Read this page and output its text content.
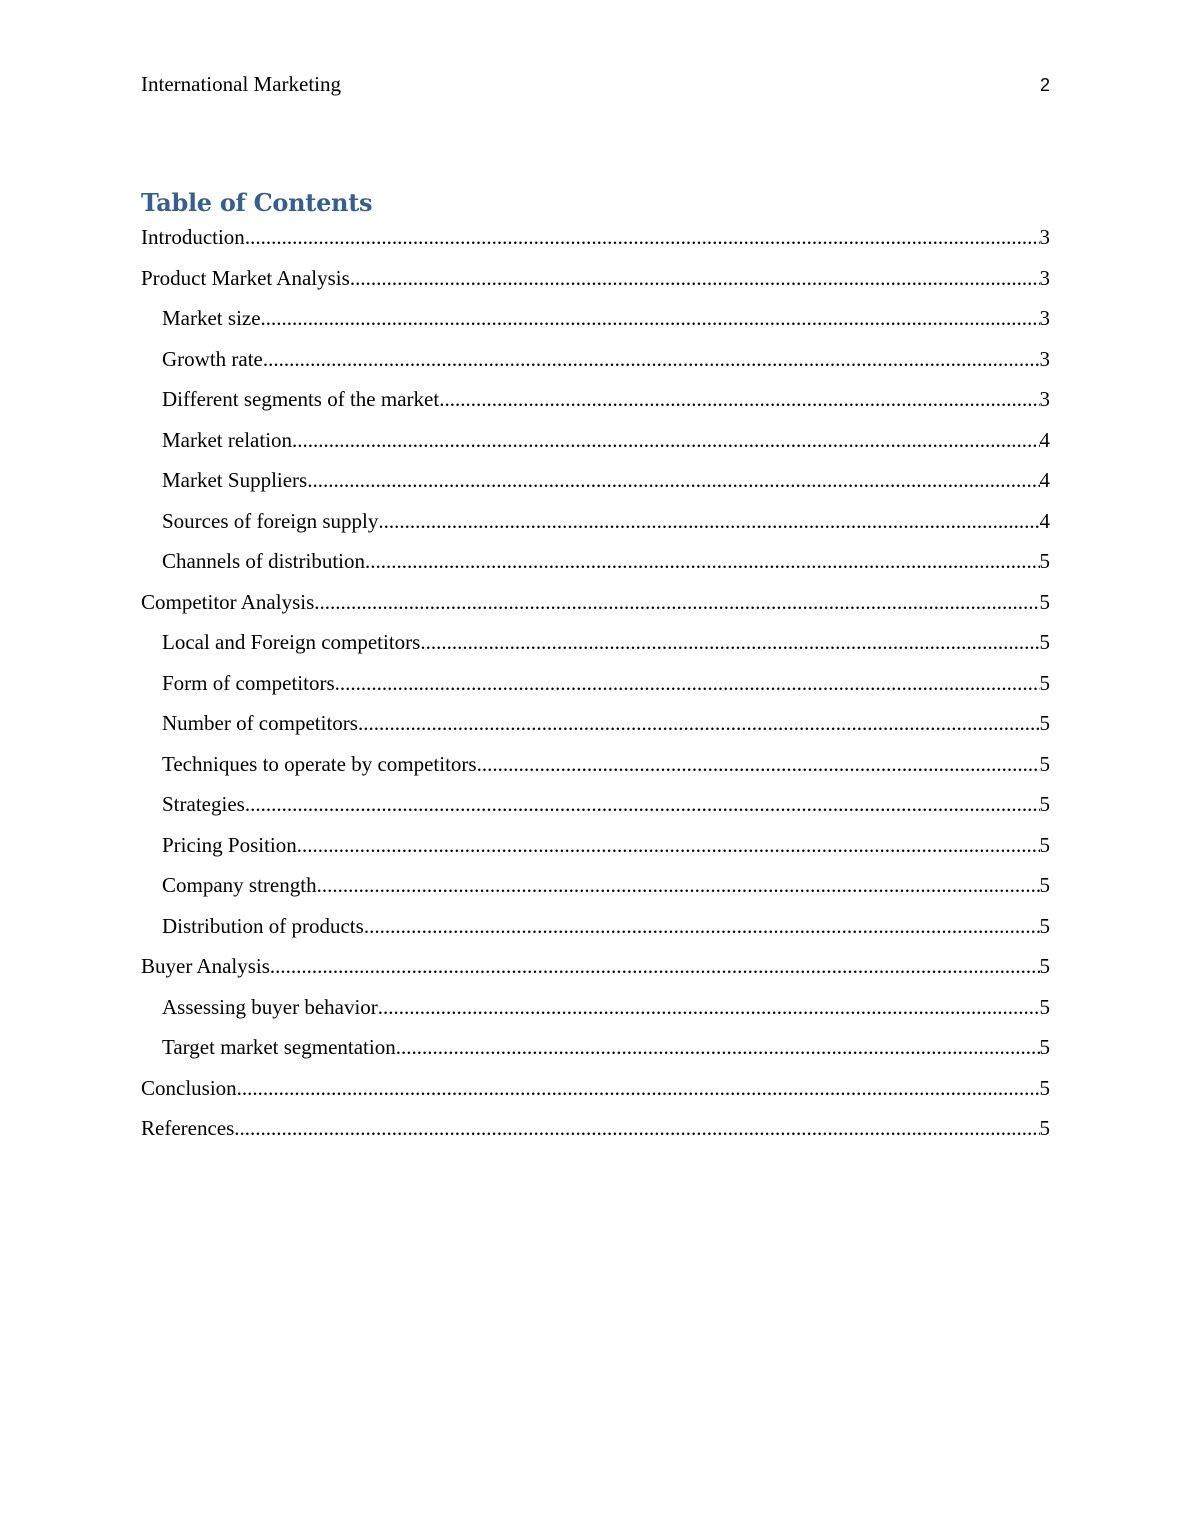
International Marketing	2
Table of Contents
Introduction .....	3
Product Market Analysis .....	3
Market size .....	3
Growth rate .....	3
Different segments of the market .....	3
Market relation .....	4
Market Suppliers .....	4
Sources of foreign supply .....	4
Channels of distribution .....	5
Competitor Analysis .....	5
Local and Foreign competitors .....	5
Form of competitors .....	5
Number of competitors .....	5
Techniques to operate by competitors .....	5
Strategies .....	5
Pricing Position .....	5
Company strength .....	5
Distribution of products .....	5
Buyer Analysis .....	5
Assessing buyer behavior .....	5
Target market segmentation .....	5
Conclusion .....	5
References .....	5
